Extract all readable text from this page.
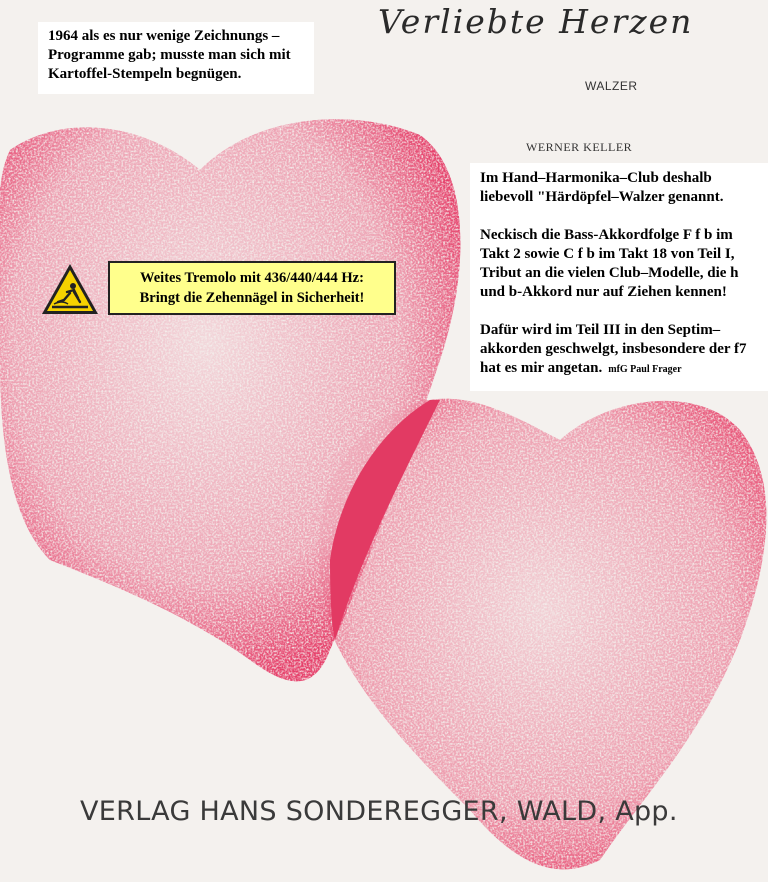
Verliebte Herzen
WALZER
WERNER KELLER

1964 als es nur wenige Zeichnungs – Programme gab; musste man sich mit Kartoffel-Stempeln begnügen.

Im Hand–Harmonika–Club deshalb liebevoll "Härdöpfel–Walzer genannt.

Neckisch die Bass-Akkordfolge F f b im Takt 2 sowie C f b im Takt 18 von Teil I, Tribut an die vielen Club–Modelle, die h und b-Akkord nur auf Ziehen kennen!

Dafür wird im Teil III in den Septim–akkorden geschwelgt, insbesondere der f7 hat es mir angetan. mfG Paul Frager

Weites Tremolo mit 436/440/444 Hz:
Bringt die Zehennägel in Sicherheit!
VERLAG HANS SONDEREGGER, WALD, App.
